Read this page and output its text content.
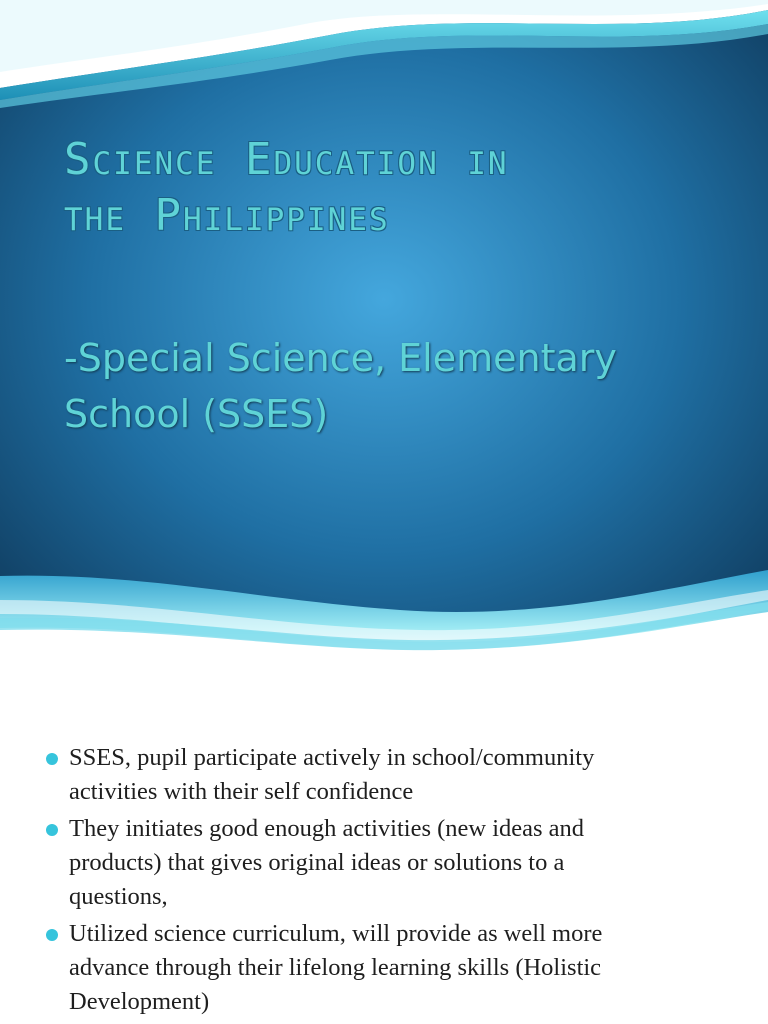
Science Education in
the Philippines
-Special Science, Elementary
School (SSES)
SSES, pupil participate actively in school/community
activities with their self confidence
They initiates good enough activities (new ideas and
products) that gives original ideas or solutions to a
questions,
Utilized science curriculum, will provide as well more
advance through their lifelong learning skills (Holistic
Development)
